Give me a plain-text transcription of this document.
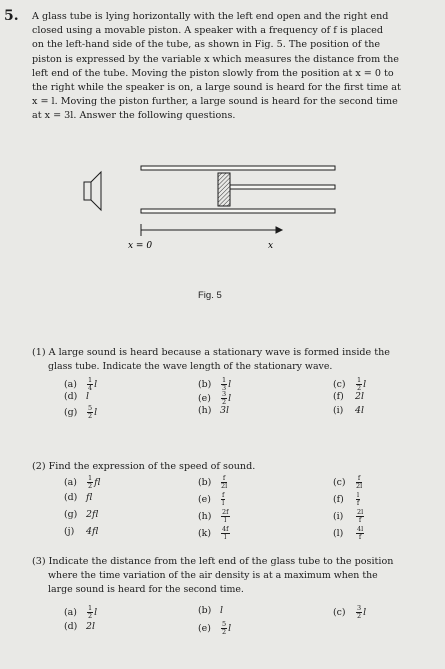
5. A glass tube is lying horizontally with the left end open and the right end
closed using a movable piston. A speaker with a frequency of f is placed
on the left-hand side of the tube, as shown in Fig. 5. The position of the
piston is expressed by the variable x which measures the distance from the
left end of the tube. Moving the piston slowly from the position at x = 0 to
the right while the speaker is on, a large sound is heard for the first time at
x = l. Moving the piston further, a large sound is heard for the second time
at x = 3l. Answer the following questions.
x = 0	x
Fig. 5
(1) A large sound is heard because a stationary wave is formed inside the
glass tube. Indicate the wave length of the stationary wave.
$(a) \frac{1}{4}$ l	$(b) \frac{1}{3}$ l	$(c) \frac{1}{2}$ l
(d) l	$(e) \frac{3}{2}$ l	(f) 2l
$(g) \frac{5}{2}$ l	(h) 3l	(i) 4l
(2) Find the expression of the speed of sound.
$(a) \frac{1}{2}$ fl	$(b) \frac{f}{2l}$	$(c) \frac{f}{2l}$
(d) fl	$(e) \frac{f}{l}$	$(f) \frac{l}{f}$
(g) 2fl	$(h) \frac{2f}{l}$	$(i) \frac{2l}{f}$
(j) 4fl	$(k) \frac{4f}{l}$	$(l) \frac{4l}{f}$
(3) Indicate the distance from the left end of the glass tube to the position
where the time variation of the air density is at a maximum when the
large sound is heard for the second time.
$(a) \frac{1}{2}$ l	(b) l	$(c) \frac{3}{2}$ l
(d) 2l	$(e) \frac{5}{2}$ l
